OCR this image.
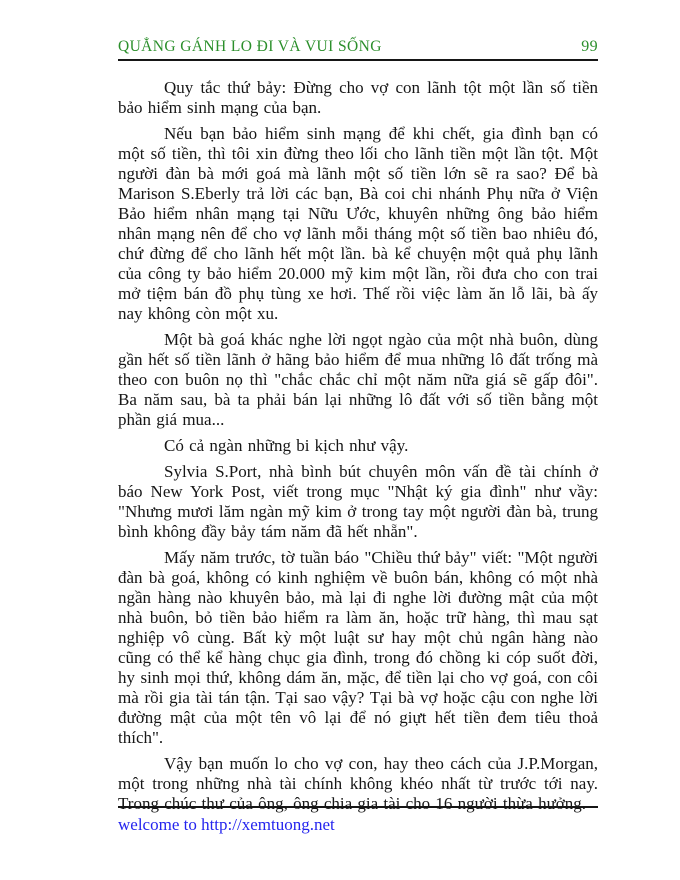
QUẲNG GÁNH LO ĐI VÀ VUI SỐNG	99

Quy tắc thứ bảy: Đừng cho vợ con lãnh tột một lần số tiền bảo hiểm sinh mạng của bạn.

Nếu bạn bảo hiểm sinh mạng để khi chết, gia đình bạn có một số tiền, thì tôi xin đừng theo lối cho lãnh tiền một lần tột. Một người đàn bà mới goá mà lãnh một số tiền lớn sẽ ra sao? Để bà Marison S.Eberly trả lời các bạn, Bà coi chi nhánh Phụ nữa ở Viện Bảo hiểm nhân mạng tại Nữu Ước, khuyên những ông bảo hiểm nhân mạng nên để cho vợ lãnh mỗi tháng một số tiền bao nhiêu đó, chứ đừng để cho lãnh hết một lần. bà kể chuyện một quả phụ lãnh của công ty bảo hiểm 20.000 mỹ kim một lần, rồi đưa cho con trai mở tiệm bán đồ phụ tùng xe hơi. Thế rồi việc làm ăn lỗ lãi, bà ấy nay không còn một xu.

Một bà goá khác nghe lời ngọt ngào của một nhà buôn, dùng gần hết số tiền lãnh ở hãng bảo hiểm để mua những lô đất trống mà theo con buôn nọ thì "chắc chắc chỉ một năm nữa giá sẽ gấp đôi". Ba năm sau, bà ta phải bán lại những lô đất với số tiền bằng một phần giá mua...

Có cả ngàn những bi kịch như vậy.

Sylvia S.Port, nhà bình bút chuyên môn vấn đề tài chính ở báo New York Post, viết trong mục "Nhật ký gia đình" như vầy: "Nhưng mươi lăm ngàn mỹ kim ở trong tay một người đàn bà, trung bình không đầy bảy tám năm đã hết nhẵn".

Mấy năm trước, tờ tuần báo "Chiều thứ bảy" viết: "Một người đàn bà goá, không có kinh nghiệm về buôn bán, không có một nhà ngần hàng nào khuyên bảo, mà lại đi nghe lời đường mật của một nhà buôn, bỏ tiền bảo hiểm ra làm ăn, hoặc trữ hàng, thì mau sạt nghiệp vô cùng. Bất kỳ một luật sư hay một chủ ngân hàng nào cũng có thể kể hàng chục gia đình, trong đó chồng ki cóp suốt đời, hy sinh mọi thứ, không dám ăn, mặc, để tiền lại cho vợ goá, con côi mà rồi gia tài tán tận. Tại sao vậy? Tại bà vợ hoặc cậu con nghe lời đường mật của một tên vô lại để nó giựt hết tiền đem tiêu thoả thích".

Vậy bạn muốn lo cho vợ con, hay theo cách của J.P.Morgan, một trong những nhà tài chính không khéo nhất từ trước tới nay. Trong chúc thư của ông, ông chia gia tài cho 16 người thừa hưởng.

welcome to http://xemtuong.net
